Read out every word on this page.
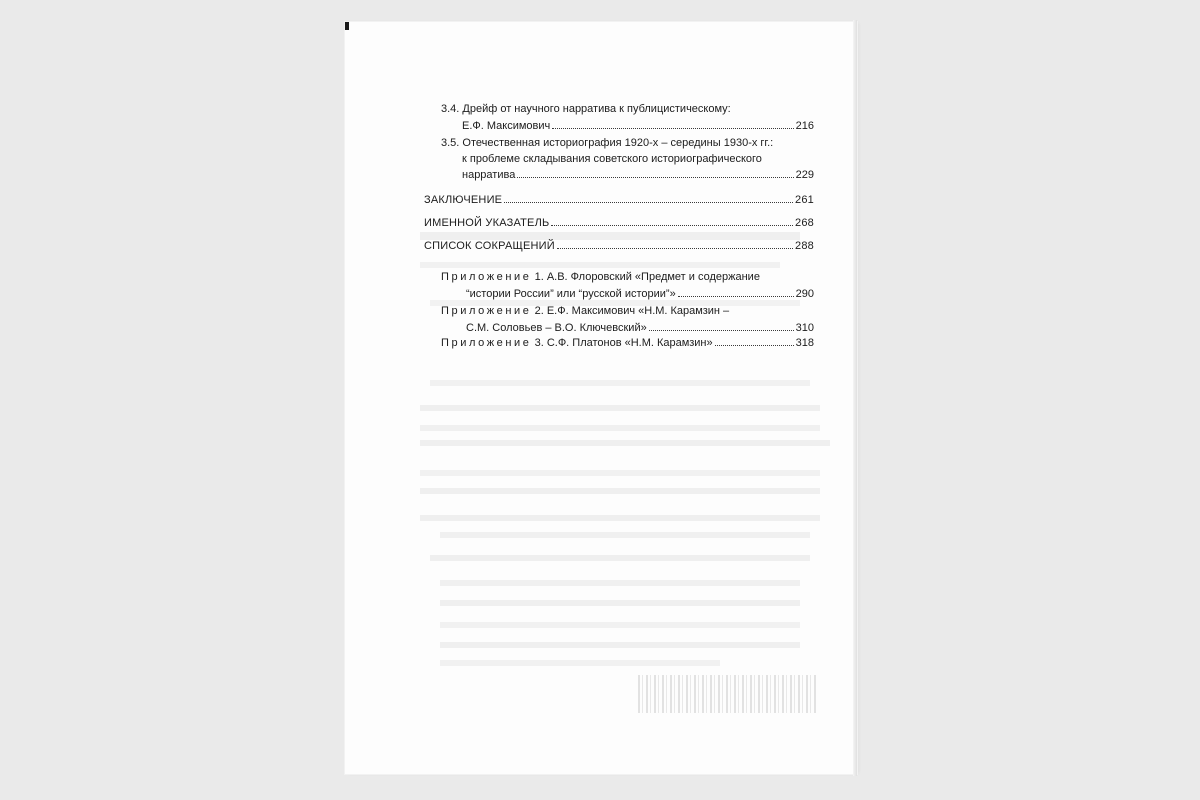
3.4. Дрейф от научного нарратива к публицистическому:
Е.Ф. Максимович	216
3.5. Отечественная историография 1920-х – середины 1930-х гг.:
к проблеме складывания советского историографического
нарратива	229
ЗАКЛЮЧЕНИЕ	261
ИМЕННОЙ УКАЗАТЕЛЬ	268
СПИСОК СОКРАЩЕНИЙ	288
Приложение 1. А.В. Флоровский «Предмет и содержание
“истории России” или “русской истории”»	290
Приложение 2. Е.Ф. Максимович «Н.М. Карамзин –
С.М. Соловьев – В.О. Ключевский»	310
Приложение 3. С.Ф. Платонов «Н.М. Карамзин»	318
